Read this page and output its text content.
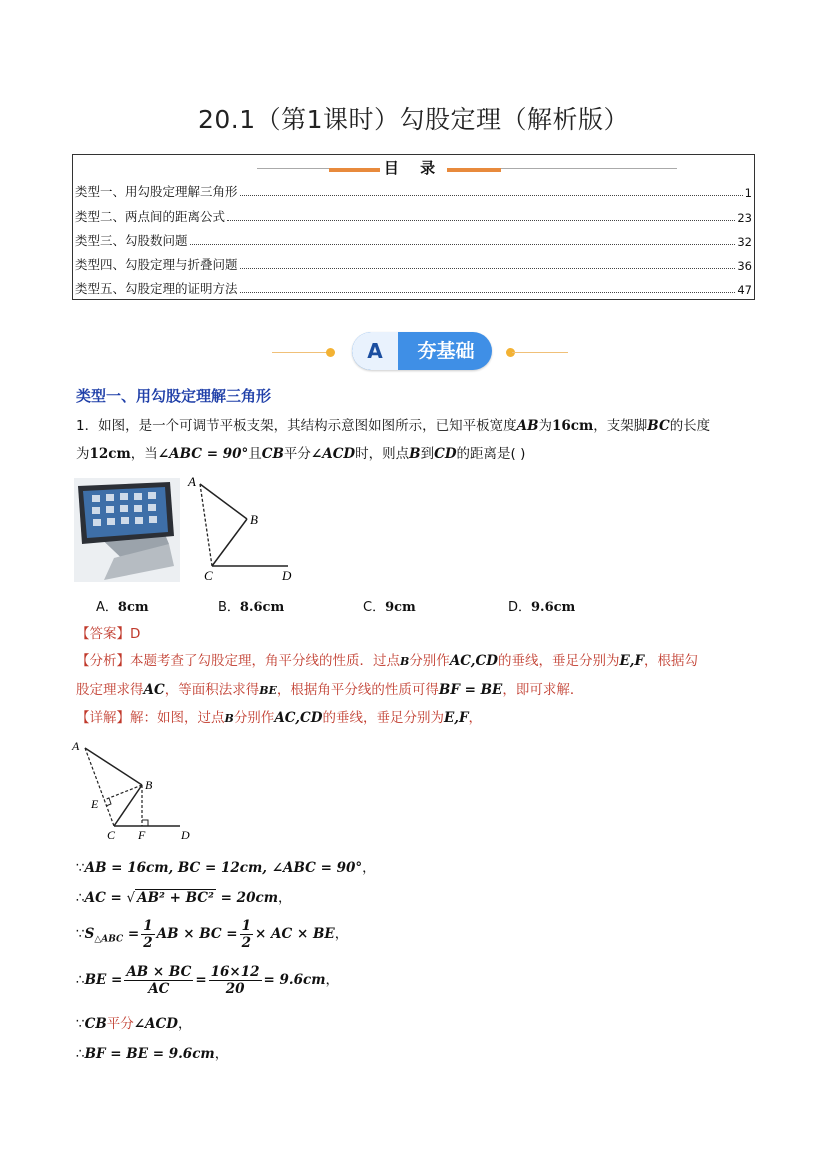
20.1（第1课时）勾股定理（解析版）
目 录
类型一、用勾股定理解三角形	1
类型二、两点间的距离公式	23
类型三、勾股数问题	32
类型四、勾股定理与折叠问题	36
类型五、勾股定理的证明方法	47
A	夯基础
类型一、用勾股定理解三角形
1．如图，是一个可调节平板支架，其结构示意图如图所示，已知平板宽度AB为16cm，支架脚BC的长度
为12cm，当∠ABC = 90°且CB平分∠ACD时，则点B到CD的距离是( )
A
B
C	D
A．8cm	B．8.6cm	C．9cm	D．9.6cm
【答案】D
【分析】本题考查了勾股定理，角平分线的性质．过点B分别作AC,CD的垂线，垂足分别为E,F，根据勾
股定理求得AC，等面积法求得BE，根据角平分线的性质可得BF = BE，即可求解．
【详解】解：如图，过点B分别作AC,CD的垂线，垂足分别为E,F，
A
B
E
C F	D
∵AB = 16cm, BC = 12cm, ∠ABC = 90°，
∴AC = √ AB² + BC² = 20cm，
$\because S_{\triangle ABC} = \frac{1}{2}$ AB × BC = $\frac{1}{2}$ × AC × BE，
∴BE = $\frac{AB \times BC}{AC} = \frac{16\times 12}{20} = 9.6cm$，
∵CB平分∠ACD，
∴BF = BE = 9.6cm，
